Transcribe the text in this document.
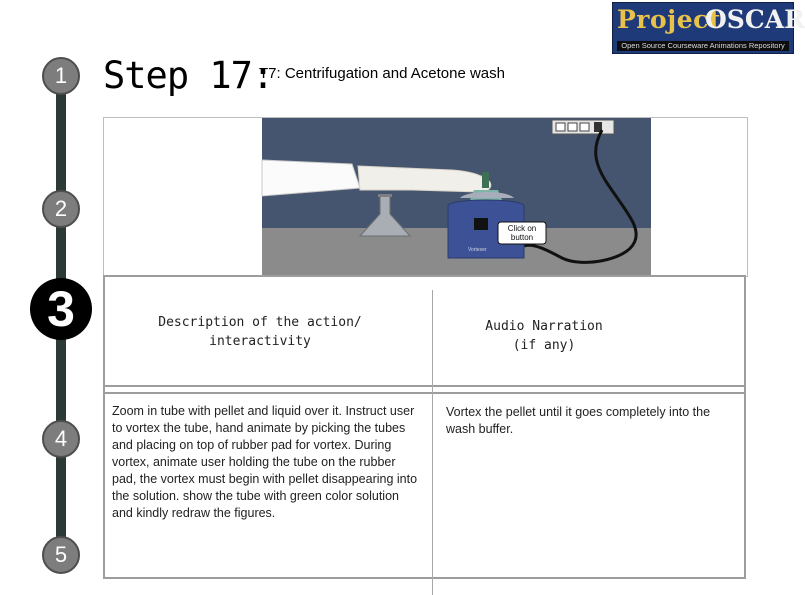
Project
OSCAR
Open Source Courseware Animations Repository
1
2
3
4
5
Step 17:
T7: Centrifugation and Acetone wash
Vortexer
Click on
button
Description of the action/ interactivity
Audio Narration (if any)
Zoom in tube with pellet and liquid over it. Instruct user to vortex the tube, hand animate by picking the tubes and placing on top of rubber pad for vortex. During vortex, animate user holding the tube on the rubber pad, the vortex must begin with pellet disappearing into the solution. show the tube with green color solution and kindly redraw the figures.
Vortex the pellet until it goes completely into the wash buffer.
